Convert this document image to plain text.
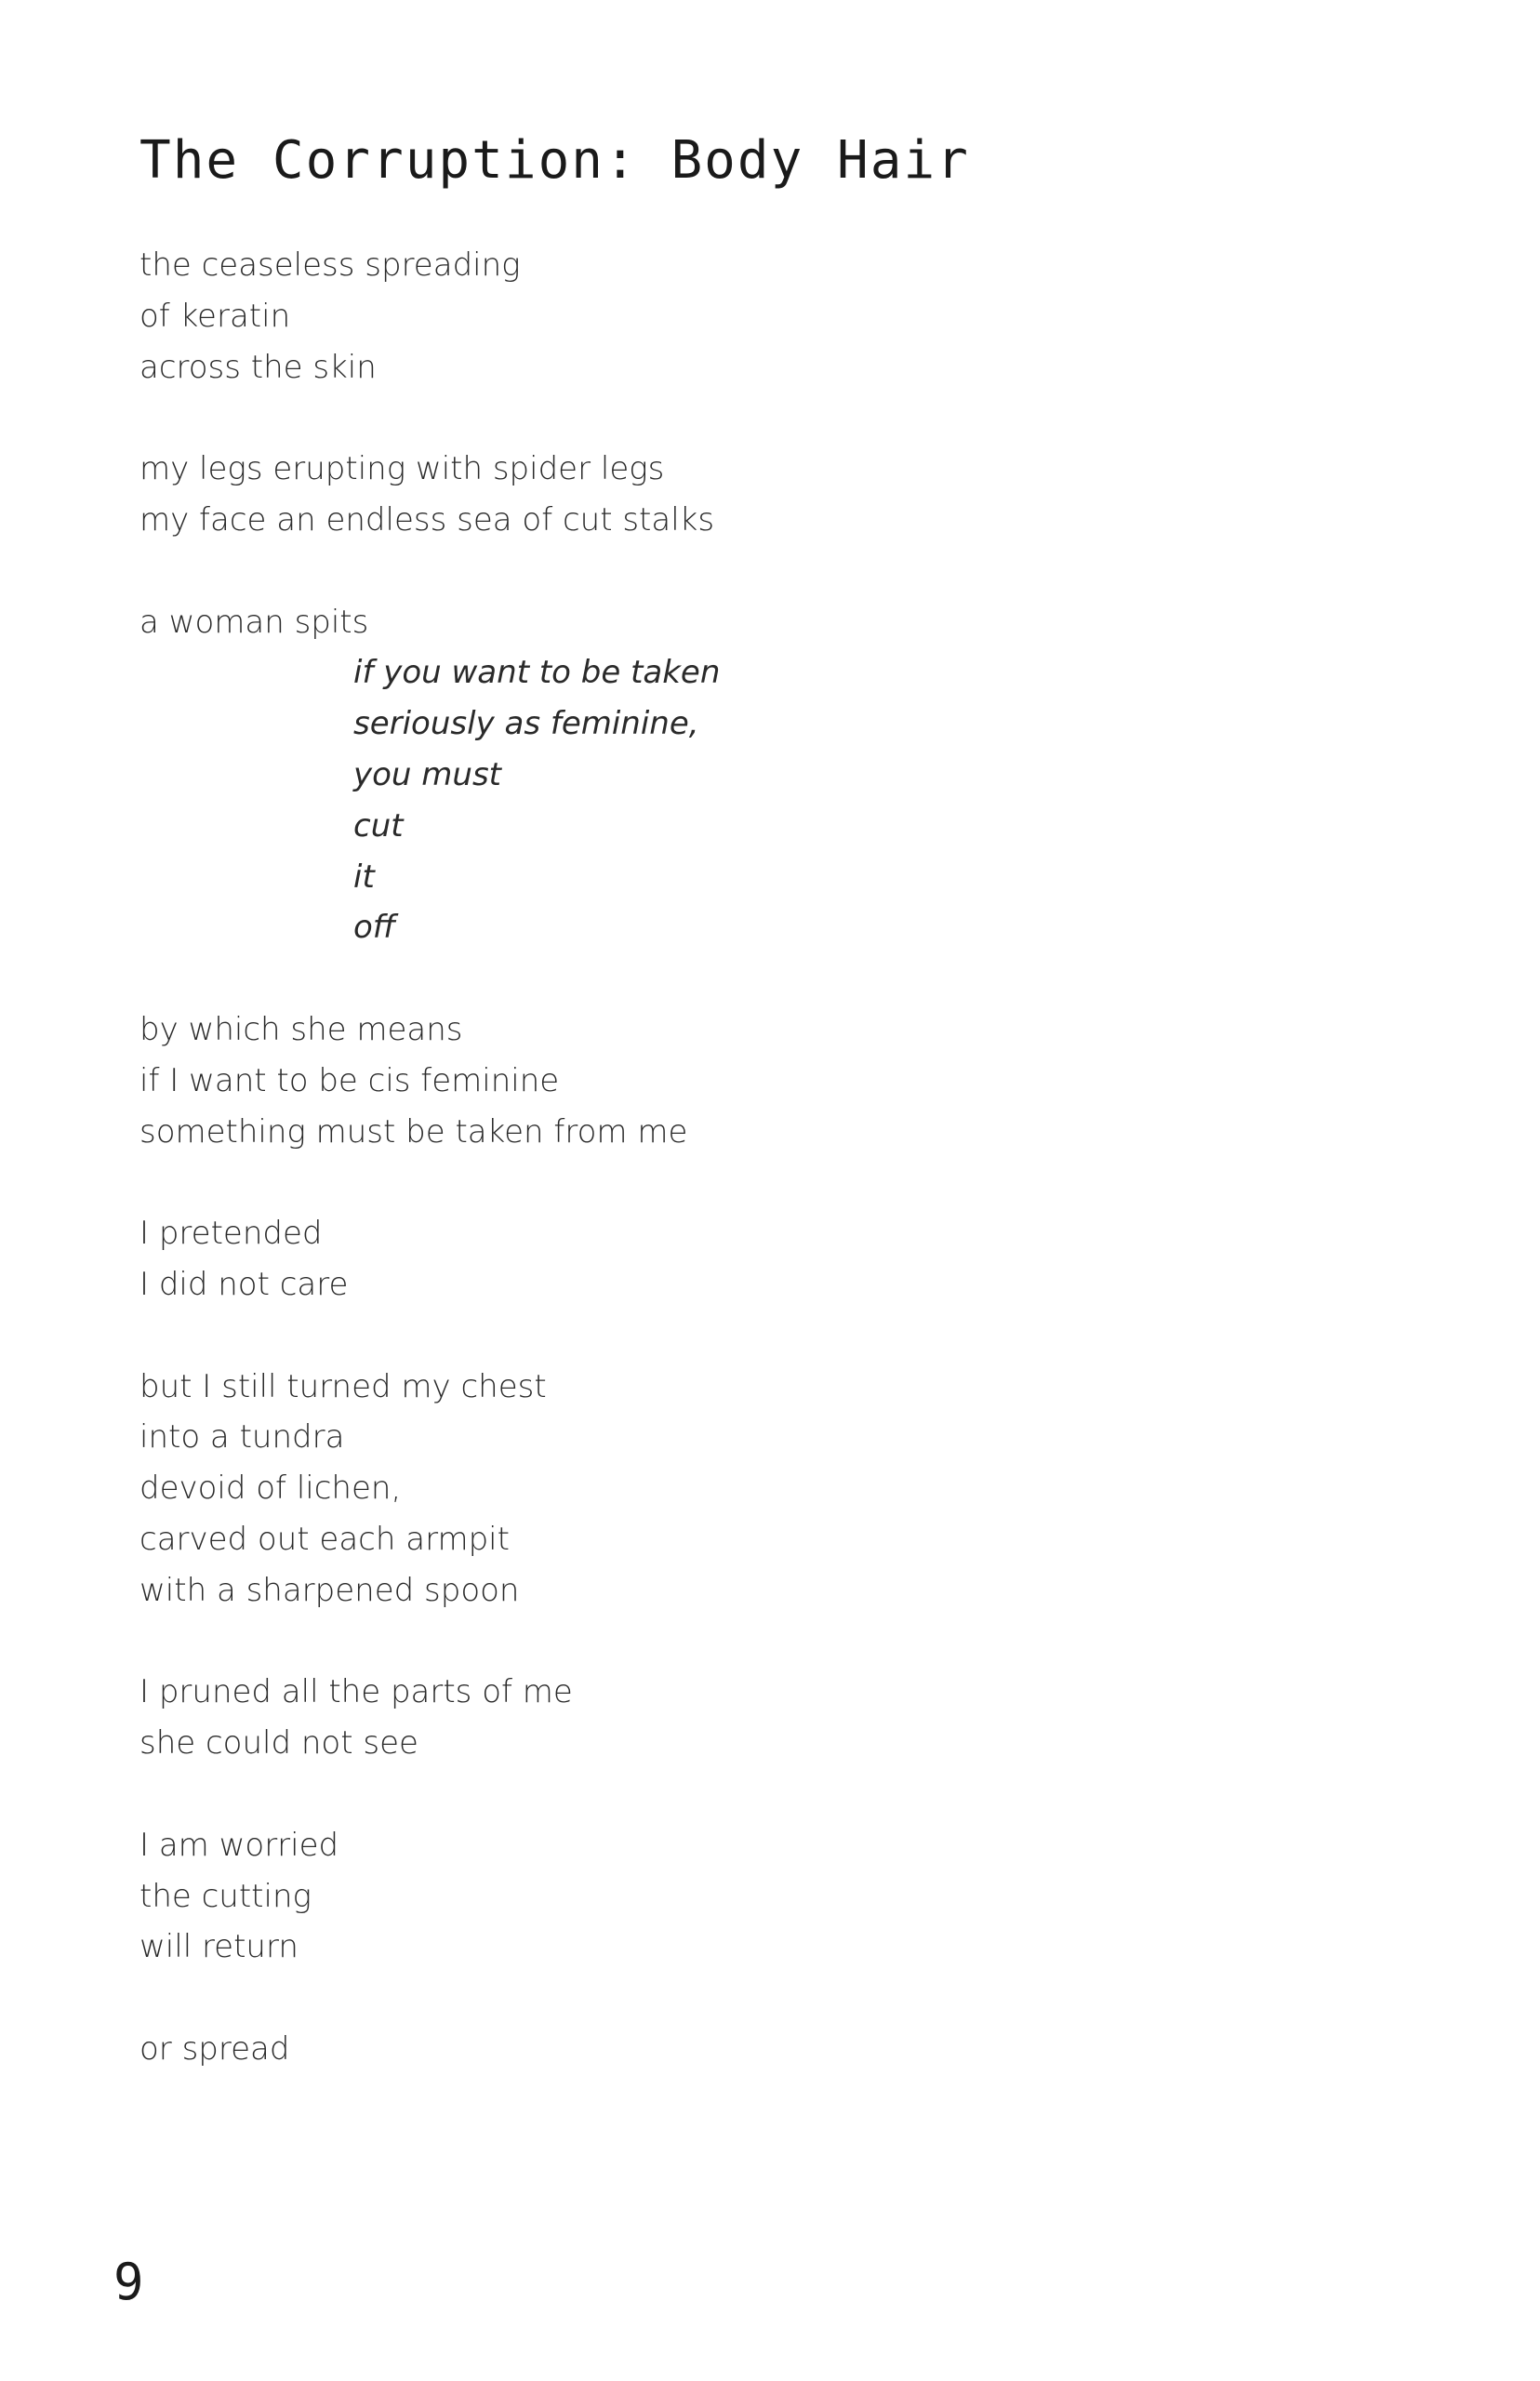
The Corruption: Body Hair
the ceaseless spreading
of keratin
across the skin
my legs erupting with spider legs
my face an endless sea of cut stalks
a woman spits
if you want to be taken
seriously as feminine,
you must
cut
it
off
by which she means
if I want to be cis feminine
something must be taken from me
I pretended
I did not care
but I still turned my chest
into a tundra
devoid of lichen,
carved out each armpit
with a sharpened spoon
I pruned all the parts of me
she could not see
I am worried
the cutting
will return
or spread
9
